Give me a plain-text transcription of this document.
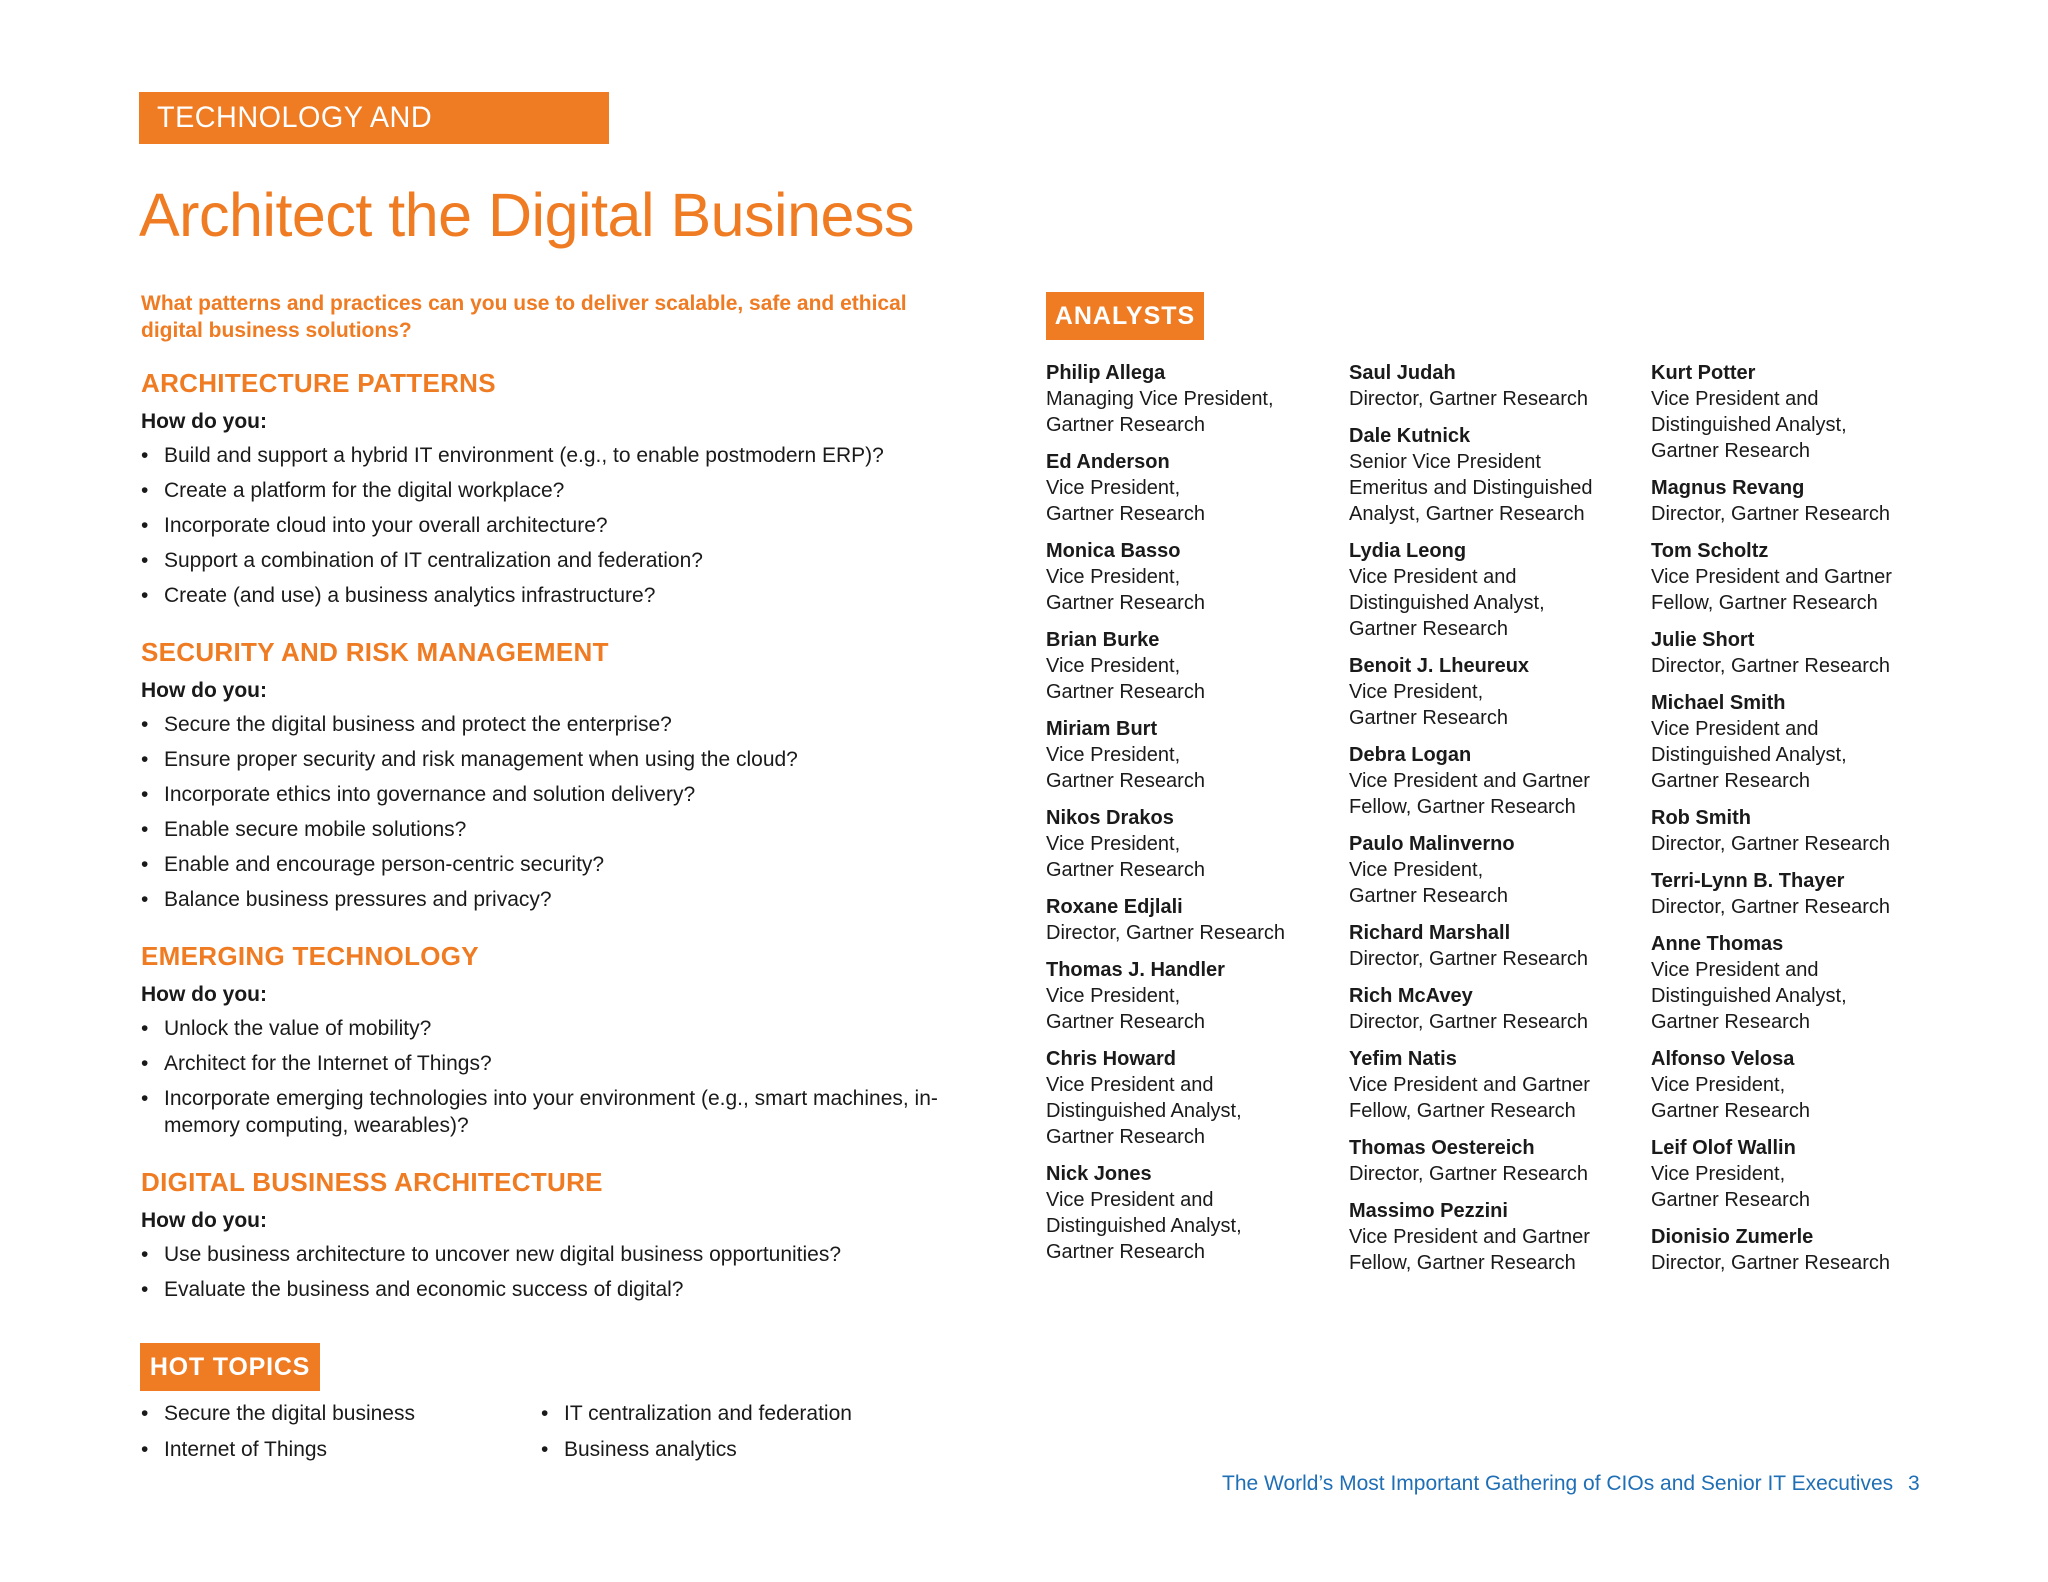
TECHNOLOGY AND INFORMATION
Architect the Digital Business

What patterns and practices can you use to deliver scalable, safe and ethical digital business solutions?

ARCHITECTURE PATTERNS

How do you:

• Build and support a hybrid IT environment (e.g., to enable postmodern ERP)?
• Create a platform for the digital workplace?
• Incorporate cloud into your overall architecture?
• Support a combination of IT centralization and federation?
• Create (and use) a business analytics infrastructure?
SECURITY AND RISK MANAGEMENT

How do you:

• Secure the digital business and protect the enterprise?
• Ensure proper security and risk management when using the cloud?
• Incorporate ethics into governance and solution delivery?
• Enable secure mobile solutions?
• Enable and encourage person-centric security?
• Balance business pressures and privacy?
EMERGING TECHNOLOGY

How do you:

• Unlock the value of mobility?
• Architect for the Internet of Things?
• Incorporate emerging technologies into your environment (e.g., smart machines, in-memory computing, wearables)?
DIGITAL BUSINESS ARCHITECTURE

How do you:

• Use business architecture to uncover new digital business opportunities?
• Evaluate the business and economic success of digital?
HOT TOPICS
• Secure the digital business
• Internet of Things
• IT centralization and federation
• Business analytics
ANALYSTS
Philip Allega
Managing Vice President,
Gartner Research
Ed Anderson
Vice President,
Gartner Research
Monica Basso
Vice President,
Gartner Research
Brian Burke
Vice President,
Gartner Research
Miriam Burt
Vice President,
Gartner Research
Nikos Drakos
Vice President,
Gartner Research
Roxane Edjlali
Director, Gartner Research
Thomas J. Handler
Vice President,
Gartner Research
Chris Howard
Vice President and
Distinguished Analyst,
Gartner Research
Nick Jones
Vice President and
Distinguished Analyst,
Gartner Research
Saul Judah
Director, Gartner Research
Dale Kutnick
Senior Vice President
Emeritus and Distinguished
Analyst, Gartner Research
Lydia Leong
Vice President and
Distinguished Analyst,
Gartner Research
Benoit J. Lheureux
Vice President,
Gartner Research
Debra Logan
Vice President and Gartner
Fellow, Gartner Research
Paulo Malinverno
Vice President,
Gartner Research
Richard Marshall
Director, Gartner Research
Rich McAvey
Director, Gartner Research
Yefim Natis
Vice President and Gartner
Fellow, Gartner Research
Thomas Oestereich
Director, Gartner Research
Massimo Pezzini
Vice President and Gartner
Fellow, Gartner Research
Kurt Potter
Vice President and
Distinguished Analyst,
Gartner Research
Magnus Revang
Director, Gartner Research
Tom Scholtz
Vice President and Gartner
Fellow, Gartner Research
Julie Short
Director, Gartner Research
Michael Smith
Vice President and
Distinguished Analyst,
Gartner Research
Rob Smith
Director, Gartner Research
Terri-Lynn B. Thayer
Director, Gartner Research
Anne Thomas
Vice President and
Distinguished Analyst,
Gartner Research
Alfonso Velosa
Vice President,
Gartner Research
Leif Olof Wallin
Vice President,
Gartner Research
Dionisio Zumerle
Director, Gartner Research
The World’s Most Important Gathering of CIOs and Senior IT Executives 3
